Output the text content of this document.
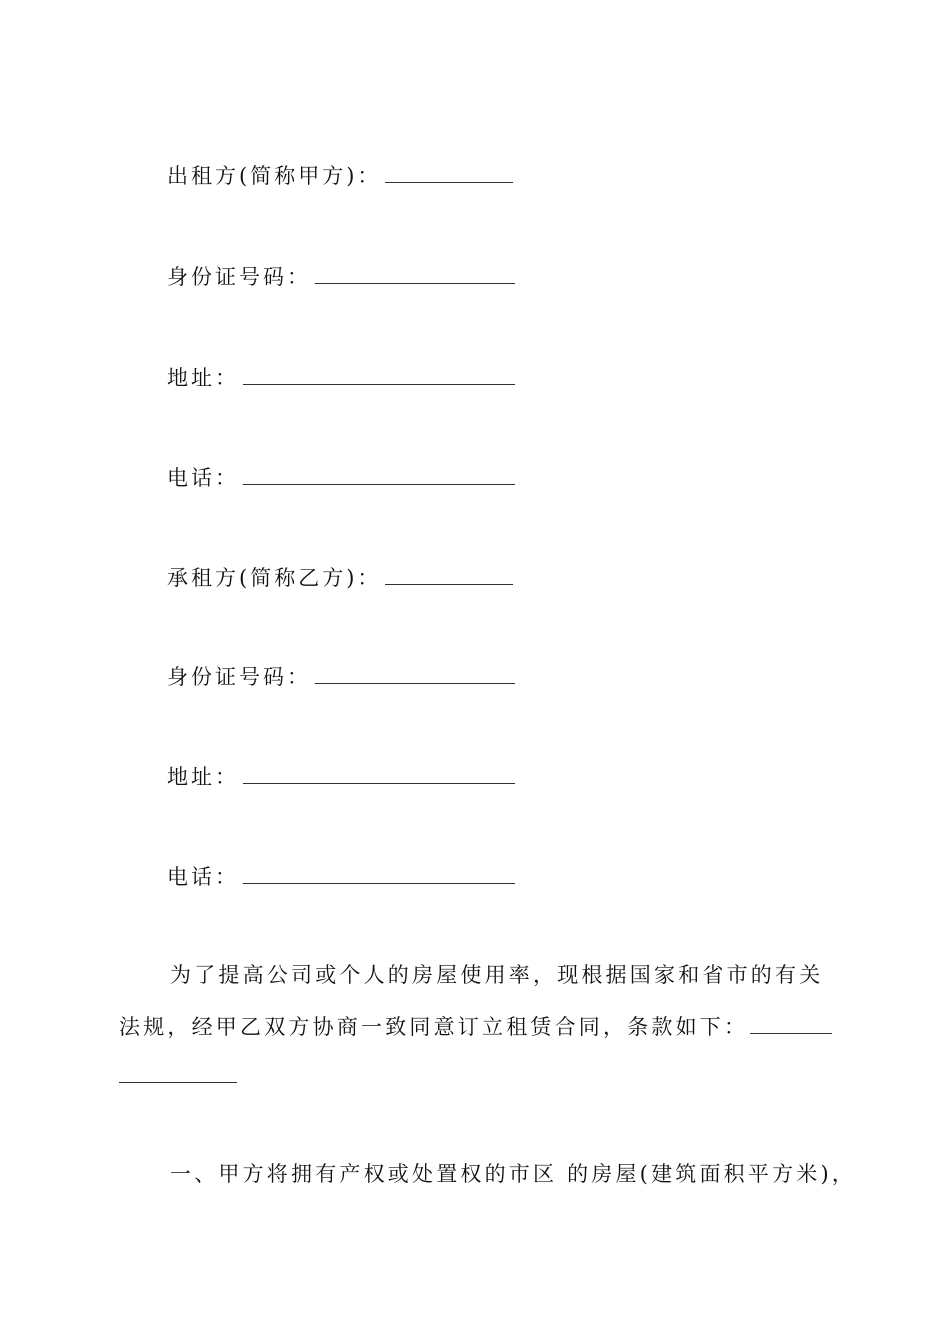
出租方(简称甲方)：
身份证号码：
地址：
电话：
承租方(简称乙方)：
身份证号码：
地址：
电话：
为了提高公司或个人的房屋使用率，现根据国家和省市的有关
法规，经甲乙双方协商一致同意订立租赁合同，条款如下：
一、甲方将拥有产权或处置权的市区 的房屋(建筑面积平方米)，
